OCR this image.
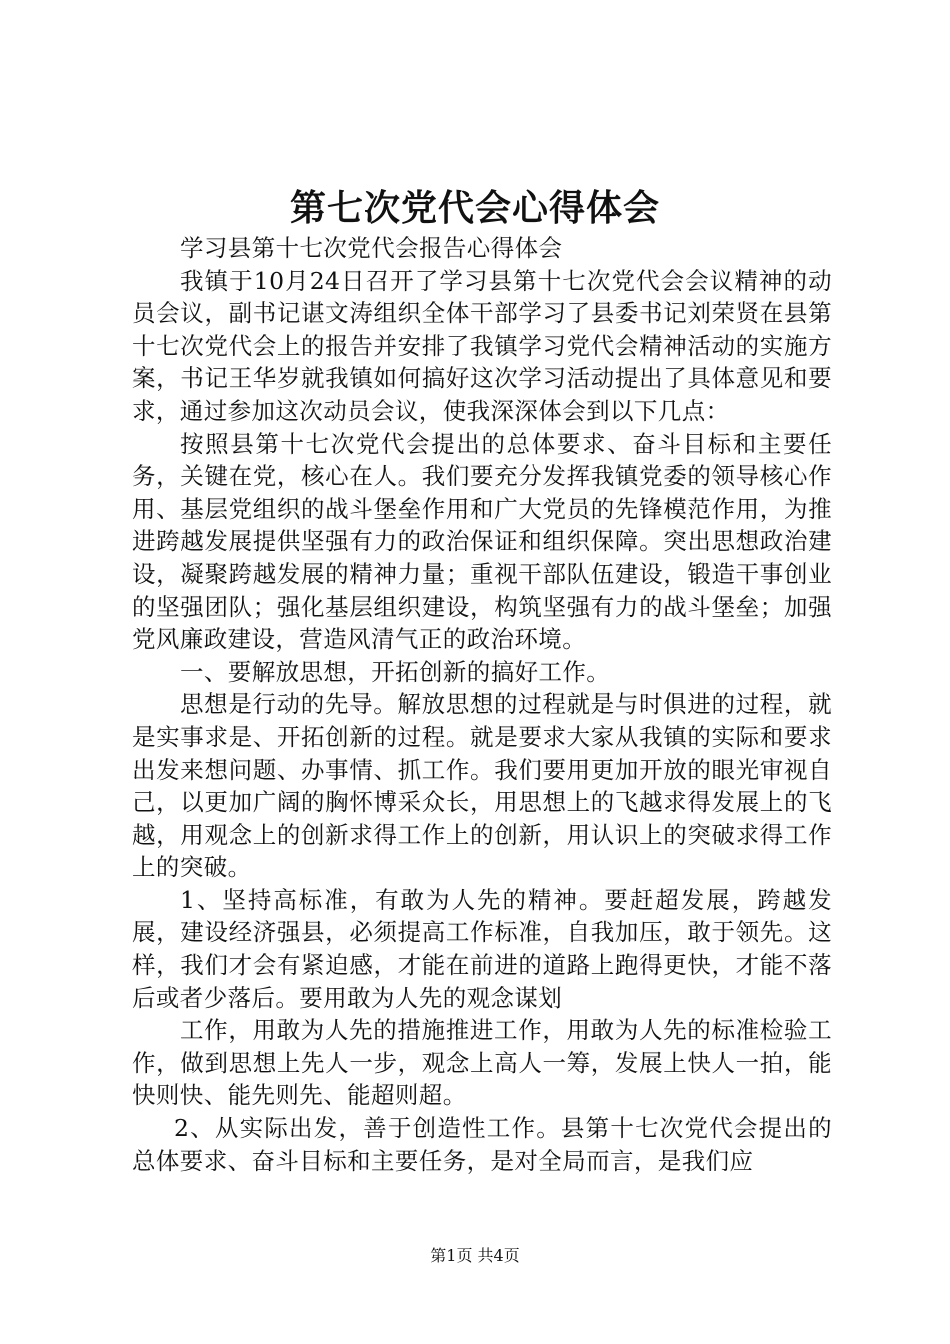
第七次党代会心得体会

学习县第十七次党代会报告心得体会

我镇于10月24日召开了学习县第十七次党代会会议精神的动员会议，副书记谌文涛组织全体干部学习了县委书记刘荣贤在县第十七次党代会上的报告并安排了我镇学习党代会精神活动的实施方案，书记王华岁就我镇如何搞好这次学习活动提出了具体意见和要求，通过参加这次动员会议，使我深深体会到以下几点：

按照县第十七次党代会提出的总体要求、奋斗目标和主要任务，关键在党，核心在人。我们要充分发挥我镇党委的领导核心作用、基层党组织的战斗堡垒作用和广大党员的先锋模范作用，为推进跨越发展提供坚强有力的政治保证和组织保障。突出思想政治建设，凝聚跨越发展的精神力量；重视干部队伍建设，锻造干事创业的坚强团队；强化基层组织建设，构筑坚强有力的战斗堡垒；加强党风廉政建设，营造风清气正的政治环境。

一、要解放思想，开拓创新的搞好工作。

思想是行动的先导。解放思想的过程就是与时俱进的过程，就是实事求是、开拓创新的过程。就是要求大家从我镇的实际和要求出发来想问题、办事情、抓工作。我们要用更加开放的眼光审视自己，以更加广阔的胸怀博采众长，用思想上的飞越求得发展上的飞越，用观念上的创新求得工作上的创新，用认识上的突破求得工作上的突破。

1、坚持高标准，有敢为人先的精神。要赶超发展，跨越发展，建设经济强县，必须提高工作标准，自我加压，敢于领先。这样，我们才会有紧迫感，才能在前进的道路上跑得更快，才能不落后或者少落后。要用敢为人先的观念谋划

工作，用敢为人先的措施推进工作，用敢为人先的标准检验工作，做到思想上先人一步，观念上高人一筹，发展上快人一拍，能快则快、能先则先、能超则超。

2、从实际出发，善于创造性工作。县第十七次党代会提出的总体要求、奋斗目标和主要任务，是对全局而言，是我们应

第1页 共4页
